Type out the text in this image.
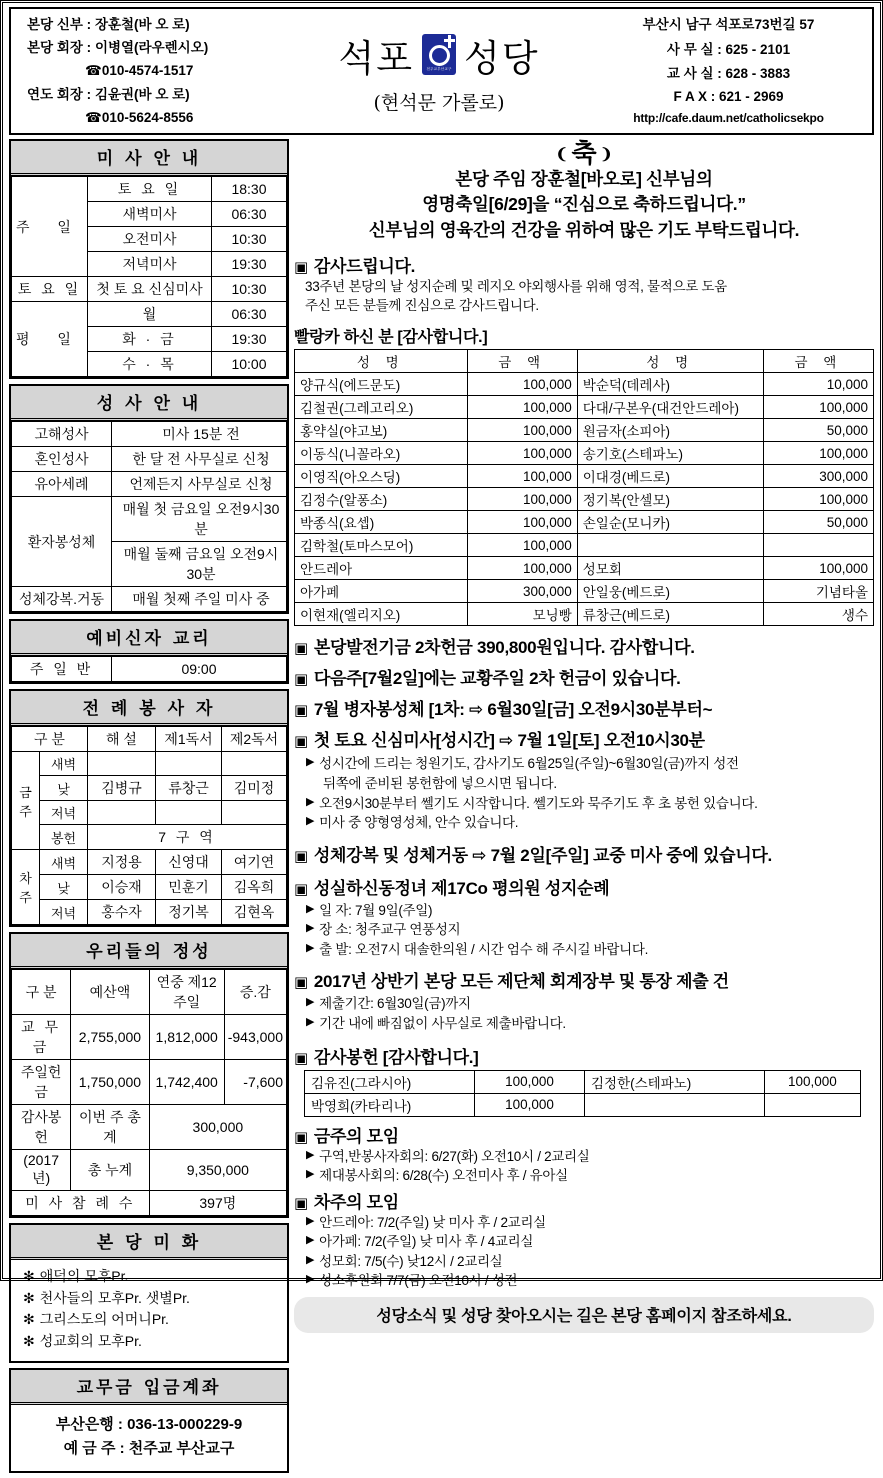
본당 신부 : 장훈철(바 오 로)
본당 회장 : 이병열(라우렌시오)
☎010-4574-1517
연도 회장 : 김윤권(바 오 로)
☎010-5624-8556
석포	천주교부산교구 성당
(현석문 가롤로)
부산시 남구 석포로73번길 57
사 무 실 : 625 - 2101
교 사 실 : 628 - 3883
F A X : 621 - 2969
http://cafe.daum.net/catholicsekpo
미 사 안 내
주 일	토 요 일	18:30
	새벽미사	06:30
	오전미사	10:30
	저녁미사	19:30
토 요 일	첫 토 요 신심미사	10:30
평 일	월	06:30
	화 · 금	19:30
	수 · 목	10:00
성 사 안 내
고해성사	미사 15분 전
혼인성사	한 달 전 사무실로 신청
유아세례	언제든지 사무실로 신청
환자봉성체	매월 첫 금요일 오전9시30분
	매월 둘째 금요일 오전9시30분
성체강복.거동	매월 첫째 주일 미사 중
예비신자 교리
주 일 반	09:00
전 례 봉 사 자
구 분		해 설	제1독서	제2독서
금
주	새벽			
	낮	김병규	류창근	김미정
	저녁			
	봉헌	7 구 역		
차
주	새벽	지정용	신영대	여기연
	낮	이승재	민훈기	김옥희
	저녁	홍수자	정기복	김현옥
우리들의 정성
구 분	예산액	연중 제12주일	증.감
교 무 금	2,755,000	1,812,000	-943,000
주일헌금	1,750,000	1,742,400	-7,600
감사봉헌	이번 주 총계	300,000	
(2017년)	총 누계	9,350,000	
미 사 참 례 수		397명	
본 당 미 화
✻ 애덕의 모후Pr.
✻ 천사들의 모후Pr. 샛별Pr.
✻ 그리스도의 어머니Pr.
✻ 성교회의 모후Pr.
교무금 입금계좌
부산은행 : 036-13-000229-9
예 금 주 : 천주교 부산교구
❨ 축 ❩
본당 주임 장훈철[바오로] 신부님의
영명축일[6/29]을 “진심으로 축하드립니다.”
신부님의 영육간의 건강을 위하여 많은 기도 부탁드립니다.
▣ 감사드립니다.
33주년 본당의 날 성지순례 및 레지오 야외행사를 위해 영적, 물적으로 도움
주신 모든 분들께 진심으로 감사드립니다.
빨랑카 하신 분 [감사합니다.]
성 명	금 액	성 명	금 액
양규식(에드문도)	100,000	박순덕(데레사)	10,000
김철권(그레고리오)	100,000	다대/구본우(대건안드레아)	100,000
홍약실(야고보)	100,000	원금자(소피아)	50,000
이동식(니꼴라오)	100,000	송기호(스테파노)	100,000
이영직(아오스딩)	100,000	이대경(베드로)	300,000
김정수(알퐁소)	100,000	정기복(안셀모)	100,000
박종식(요셉)	100,000	손일순(모니카)	50,000
김학철(토마스모어)	100,000		
안드레아	100,000	성모회	100,000
아가페	300,000	안일웅(베드로)	기념타올
이현재(엘리지오)	모닝빵	류창근(베드로)	생수
▣ 본당발전기금 2차헌금 390,800원입니다. 감사합니다.
▣ 다음주[7월2일]에는 교황주일 2차 헌금이 있습니다.
▣ 7월 병자봉성체 [1차: ⇨ 6월30일[금] 오전9시30분부터~
▣ 첫 토요 신심미사[성시간] ⇨ 7월 1일[토] 오전10시30분
▶ 성시간에 드리는 청원기도, 감사기도 6월25일(주일)~6월30일(금)까지 성전
뒤쪽에 준비된 봉헌함에 넣으시면 됩니다.
▶ 오전9시30분부터 쎌기도 시작합니다. 쎌기도와 묵주기도 후 초 봉헌 있습니다.
▶ 미사 중 양형영성체, 안수 있습니다.
▣ 성체강복 및 성체거동 ⇨ 7월 2일[주일] 교중 미사 중에 있습니다.
▣ 성실하신동정녀 제17Co 평의원 성지순례
▶ 일 자: 7월 9일(주일)
▶ 장 소: 청주교구 연풍성지
▶ 출 발: 오전7시 대솔한의원 / 시간 엄수 해 주시길 바랍니다.
▣ 2017년 상반기 본당 모든 제단체 회계장부 및 통장 제출 건
▶ 제출기간: 6월30일(금)까지
▶ 기간 내에 빠짐없이 사무실로 제출바랍니다.
▣ 감사봉헌 [감사합니다.]
김유진(그라시아)	100,000	김정한(스테파노)	100,000
박영희(카타리나)	100,000		
▣ 금주의 모임
▶ 구역,반봉사자회의: 6/27(화) 오전10시 / 2교리실
▶ 제대봉사회의: 6/28(수) 오전미사 후 / 유아실
▣ 차주의 모임
▶ 안드레아: 7/2(주일) 낮 미사 후 / 2교리실
▶ 아가페: 7/2(주일) 낮 미사 후 / 4교리실
▶ 성모회: 7/5(수) 낮12시 / 2교리실
▶ 성소후원회 7/7(금) 오전10시 / 성전
성당소식 및 성당 찾아오시는 길은 본당 홈페이지 참조하세요.
